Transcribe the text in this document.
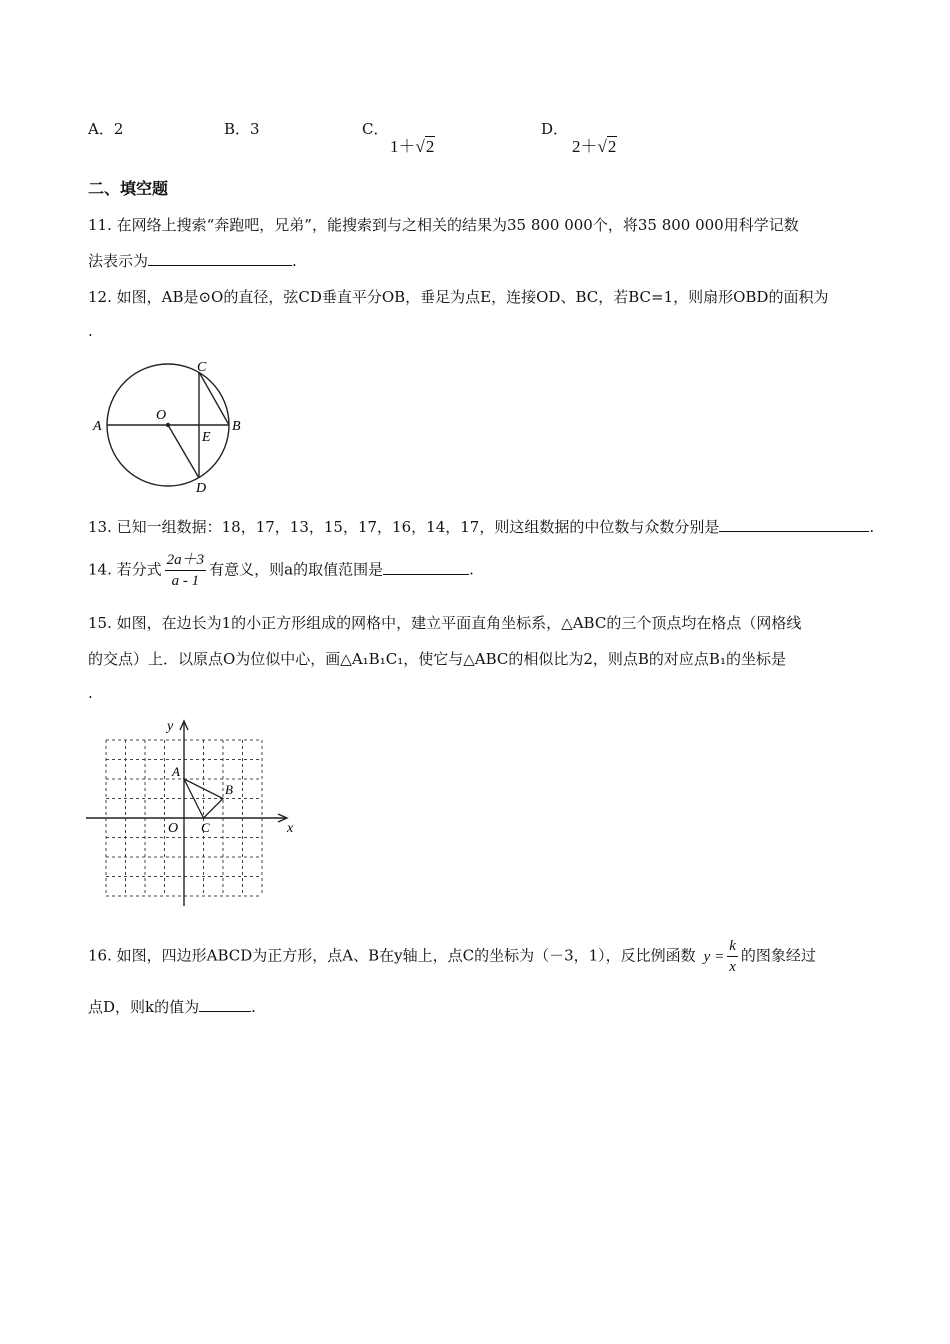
A．2	B．3	C．
1＋√2
D．
2＋√2
二、填空题
11. 在网络上搜索“奔跑吧，兄弟”，能搜索到与之相关的结果为35 800 000个，将35 800 000用科学记数
法表示为	.
12. 如图，AB是⊙O的直径，弦CD垂直平分OB，垂足为点E，连接OD、BC，若BC=1，则扇形OBD的面积为
.
A	B
C
D
E
O
13. 已知一组数据：18，17，13，15，17，16，14，17，则这组数据的中位数与众数分别是	.
14. 若分式 $\frac{2a+3}{a - 1}$ 有意义，则a的取值范围是	.
15. 如图，在边长为1的小正方形组成的网格中，建立平面直角坐标系，△ABC的三个顶点均在格点（网格线
的交点）上．以原点O为位似中心，画△A₁B₁C₁，使它与△ABC的相似比为2，则点B的对应点B₁的坐标是
.
x
y
O
A
B
C
16. 如图，四边形ABCD为正方形，点A、B在y轴上，点C的坐标为（－3，1），反比例函数 $y = \frac{k}{x}$ 的图象经过
点D，则k的值为	.
